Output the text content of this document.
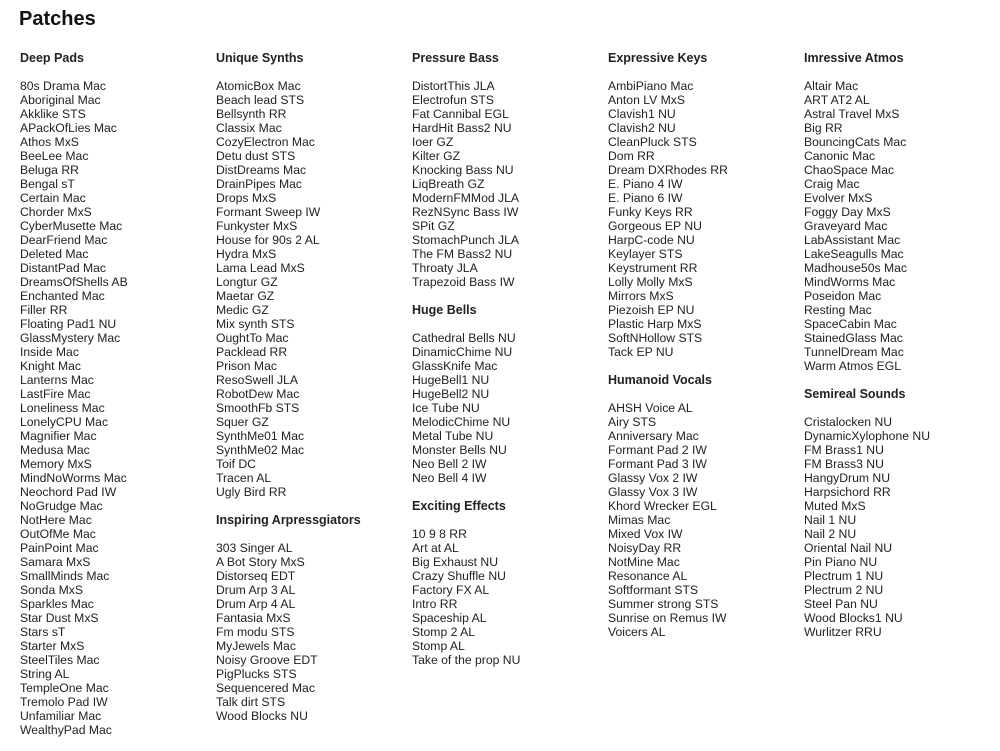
Patches
Deep Pads
80s Drama Mac
Aboriginal Mac
Akklike STS
APackOfLies Mac
Athos MxS
BeeLee Mac
Beluga RR
Bengal sT
Certain Mac
Chorder MxS
CyberMusette Mac
DearFriend Mac
Deleted Mac
DistantPad Mac
DreamsOfShells AB
Enchanted Mac
Filler RR
Floating Pad1 NU
GlassMystery Mac
Inside Mac
Knight Mac
Lanterns Mac
LastFire Mac
Loneliness Mac
LonelyCPU Mac
Magnifier Mac
Medusa Mac
Memory MxS
MindNoWorms Mac
Neochord Pad IW
NoGrudge Mac
NotHere Mac
OutOfMe Mac
PainPoint Mac
Samara MxS
SmallMinds Mac
Sonda MxS
Sparkles Mac
Star Dust MxS
Stars sT
Starter MxS
SteelTiles Mac
String AL
TempleOne Mac
Tremolo Pad IW
Unfamiliar Mac
WealthyPad Mac
Unique Synths
AtomicBox Mac
Beach lead STS
Bellsynth RR
Classix Mac
CozyElectron Mac
Detu dust STS
DistDreams Mac
DrainPipes Mac
Drops MxS
Formant Sweep IW
Funkyster MxS
House for 90s 2 AL
Hydra MxS
Lama Lead MxS
Longtur GZ
Maetar GZ
Medic GZ
Mix synth STS
OughtTo Mac
Packlead RR
Prison Mac
ResoSwell JLA
RobotDew Mac
SmoothFb STS
Squer GZ
SynthMe01 Mac
SynthMe02 Mac
Toif DC
Tracen AL
Ugly Bird RR
Inspiring Arpressgiators
303 Singer AL
A Bot Story MxS
Distorseq EDT
Drum Arp 3 AL
Drum Arp 4 AL
Fantasia MxS
Fm modu STS
MyJewels Mac
Noisy Groove EDT
PigPlucks STS
Sequencered Mac
Talk dirt STS
Wood Blocks NU
Pressure Bass
DistortThis JLA
Electrofun STS
Fat Cannibal EGL
HardHit Bass2 NU
Ioer GZ
Kilter GZ
Knocking Bass NU
LiqBreath GZ
ModernFMMod JLA
RezNSync Bass IW
SPit GZ
StomachPunch JLA
The FM Bass2 NU
Throaty JLA
Trapezoid Bass IW
Huge Bells
Cathedral Bells NU
DinamicChime NU
GlassKnife Mac
HugeBell1 NU
HugeBell2 NU
Ice Tube NU
MelodicChime NU
Metal Tube NU
Monster Bells NU
Neo Bell 2 IW
Neo Bell 4 IW
Exciting Effects
10 9 8 RR
Art at AL
Big Exhaust NU
Crazy Shuffle NU
Factory FX AL
Intro RR
Spaceship AL
Stomp 2 AL
Stomp AL
Take of the prop NU
Expressive Keys
AmbiPiano Mac
Anton LV MxS
Clavish1 NU
Clavish2 NU
CleanPluck STS
Dom RR
Dream DXRhodes RR
E. Piano 4 IW
E. Piano 6 IW
Funky Keys RR
Gorgeous EP NU
HarpC-code NU
Keylayer STS
Keystrument RR
Lolly Molly MxS
Mirrors MxS
Piezoish EP NU
Plastic Harp MxS
SoftNHollow STS
Tack EP NU
Humanoid Vocals
AHSH Voice AL
Airy STS
Anniversary Mac
Formant Pad 2 IW
Formant Pad 3 IW
Glassy Vox 2 IW
Glassy Vox 3 IW
Khord Wrecker EGL
Mimas Mac
Mixed Vox IW
NoisyDay RR
NotMine Mac
Resonance AL
Softformant STS
Summer strong STS
Sunrise on Remus IW
Voicers AL
Imressive Atmos
Altair Mac
ART AT2 AL
Astral Travel MxS
Big RR
BouncingCats Mac
Canonic Mac
ChaoSpace Mac
Craig Mac
Evolver MxS
Foggy Day MxS
Graveyard Mac
LabAssistant Mac
LakeSeagulls Mac
Madhouse50s Mac
MindWorms Mac
Poseidon Mac
Resting Mac
SpaceCabin Mac
StainedGlass Mac
TunnelDream Mac
Warm Atmos EGL
Semireal Sounds
Cristalocken NU
DynamicXylophone NU
FM Brass1 NU
FM Brass3 NU
HangyDrum NU
Harpsichord RR
Muted MxS
Nail 1 NU
Nail 2 NU
Oriental Nail NU
Pin Piano NU
Plectrum 1 NU
Plectrum 2 NU
Steel Pan NU
Wood Blocks1 NU
Wurlitzer RRU
